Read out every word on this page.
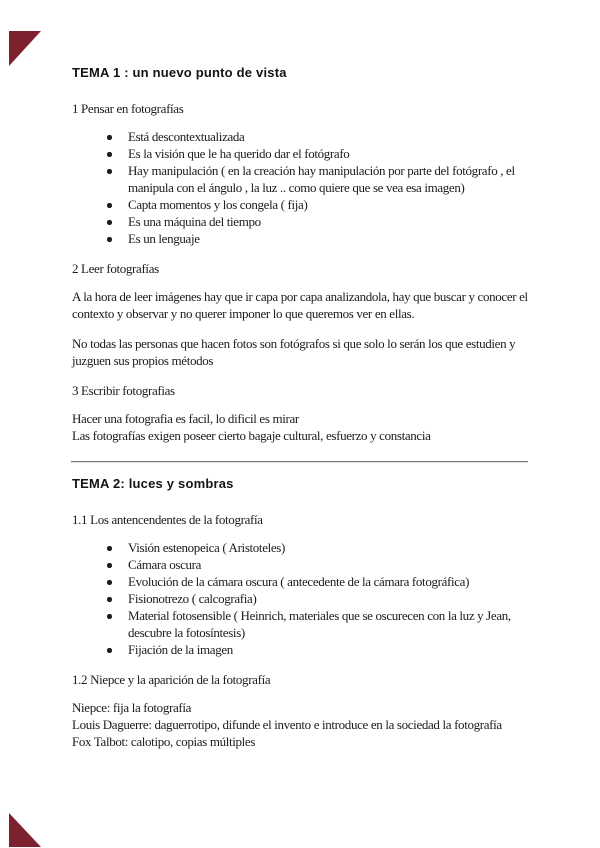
TEMA 1 : un nuevo punto de vista
1 Pensar en fotografías
Está descontextualizada
Es la visión que le ha querido dar el fotógrafo
Hay manipulación ( en la creación hay manipulación por parte del fotógrafo , el manipula con el ángulo , la luz .. como quiere que se vea esa imagen)
Capta momentos y los congela ( fija)
Es una máquina del tiempo
Es un lenguaje
2 Leer fotografías

A la hora de leer imágenes hay que ir capa por capa analizandola, hay que buscar y conocer el contexto y observar y no querer imponer lo que queremos ver en ellas.

No todas las personas que hacen fotos son fotógrafos si que solo lo serán los que estudien y juzguen sus propios métodos

3 Escribir fotografias

Hacer una fotografia es facil, lo dificil es mirar
Las fotografías exigen poseer cierto bagaje cultural, esfuerzo y constancia

TEMA 2: luces y sombras
1.1 Los antencendentes de la fotografía
Visión estenopeica ( Aristoteles)
Cámara oscura
Evolución de la cámara oscura ( antecedente de la cámara fotográfica)
Fisionotrezo ( calcografia)
Material fotosensible ( Heinrich, materiales que se oscurecen con la luz y Jean, descubre la fotosíntesis)
Fijación de la imagen
1.2 Niepce y la aparición de la fotografía

Niepce: fija la fotografía
Louis Daguerre: daguerrotipo, difunde el invento e introduce en la sociedad la fotografía
Fox Talbot: calotipo, copias múltiples
